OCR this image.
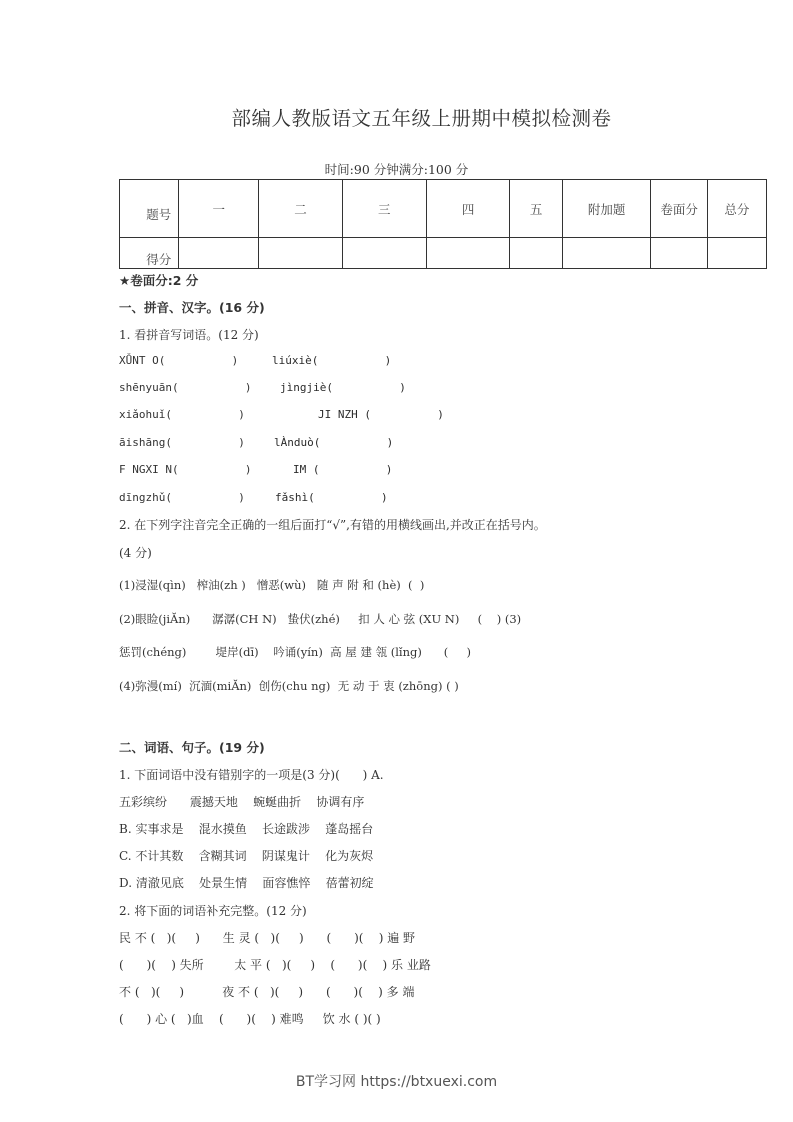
部编人教版语文五年级上册期中模拟检测卷
时间:90 分钟满分:100 分
题号	一	二	三	四	五	附加题	卷面分	总分
得分								
★卷面分:2 分
一、拼音、汉字。(16 分)
1. 看拼音写词语。(12 分)
XǙNT O(          )	liúxiè(          )
shēnyuān(          )	jìngjiè(          )
xiǎohuǐ(          )	JI NZH (          )
āishāng(          )	lÀnduò(          )
F NGXI N(          )	IM (          )
dīngzhǔ(          )	fǎshì(          )
2. 在下列字注音完全正确的一组后面打“√”,有错的用横线画出,并改正在括号内。
(4 分)
(1)浸湿(qìn)   榨油(zh )   憎恶(wù)   随 声 附 和 (hè)  (  )
(2)眼睑(jiĂn)      潺潺(CH N)   蛰伏(zhé)     扣 人 心 弦 (XU N)     (    ) (3)
惩罚(chéng)        堤岸(dī)    吟诵(yín)  高 屋 建 瓴 (lǐng)      (     )
(4)弥漫(mí)  沉湎(miĂn)  创伤(chu ng)  无 动 于 衷 (zhōng) ( )
二、词语、句子。(19 分)
1. 下面词语中没有错别字的一项是(3 分)(      ) A.
五彩缤纷      震撼天地    蜿蜒曲折    协调有序
B. 实事求是    混水摸鱼    长途跋涉    蓬岛摇台
C. 不计其数    含糊其词    阴谋鬼计    化为灰烬
D. 清澈见底    处景生情    面容憔悴    蓓蕾初绽
2. 将下面的词语补充完整。(12 分)
民 不 (   )(     )      生 灵 (   )(     )      (      )(    ) 遍 野
(      )(    ) 失所        太 平 (   )(     )    (      )(    ) 乐 业路
不 (   )(     )          夜 不 (   )(     )      (      )(    ) 多 端
(      ) 心 (   )血    (      )(    ) 难鸣     饮 水 ( )( )
BT学习网 https://btxuexi.com
